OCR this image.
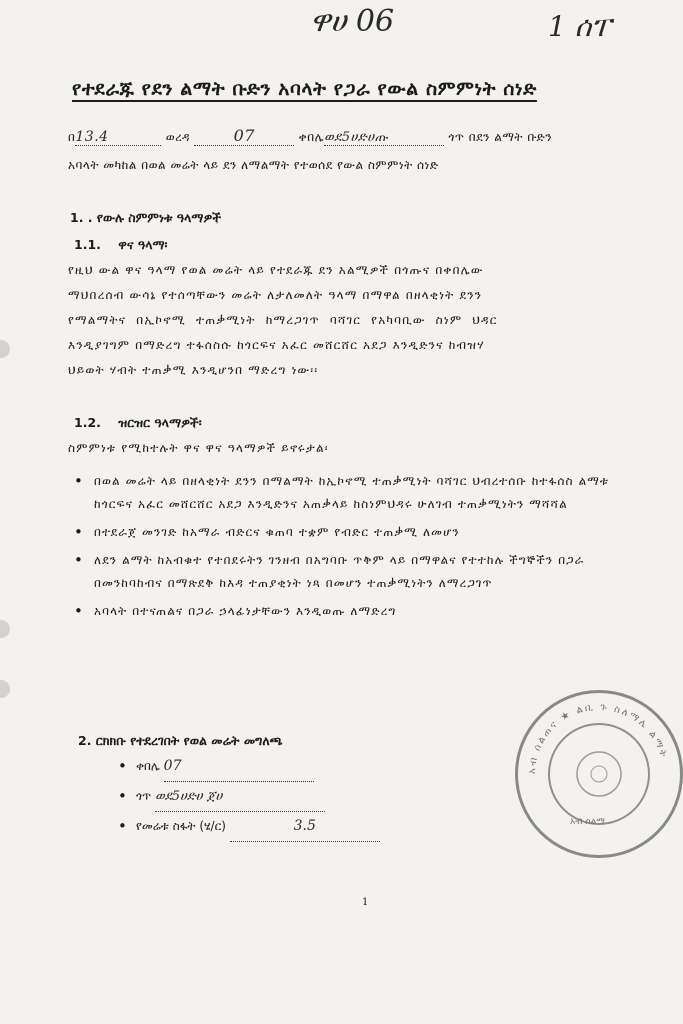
ዋሀ 06	1 ሰፐ
የተደራጁ የደን ልማት ቡድን አባላት የጋራ የውል ስምምነት ሰነድ
በ13.4	ወረዳ	07	ቀበሌወደ5ሀድሀጡ	ጎጥ በደን ልማት ቡድን
አባላት መካከል በወል መሬት ላይ ደን ለማልማት የተወሰደ የውል ስምምነት ሰነድ
1. . የውሉ ስምምነቱ ዓላማዎች
1.1.    ዋና ዓላማ፡
የዚህ ውል ዋና ዓላማ የወል መሬት ላይ የተደራጁ ደን አልሚዎች በጎጡና በቀበሌው
ማህበረሰብ ውሳኔ የተሰጣቸውን መሬት ለታለመለት ዓላማ በማዋል በዘላቂነት ደንን
የማልማትና  በኢኮኖሚ  ተጠቃሚነት  ከማረጋገጥ  ባሻገር  የአካባቢው  ስነም  ህዳር
እንዲያገግም በማድረግ ተፋሰስሱ ከጎርፍና አፈር መሸርሸር አደጋ እንዲድንና ከብዝሃ
ህይወት ሃብት ተጠቃሚ እንዲሆንበ ማድረግ ነው፡፡
1.2.    ዝርዝር ዓላማዎች፡
ስምምነቱ የሚከተሉት ዋና ዋና ዓላማዎች ይኖሩታል፡
• በወል መሬት ላይ በዘላቂነት ደንን በማልማት ከኢኮኖሚ ተጠቃሚነት ባሻገር ህብረተሰቡ ከተፋሰስ ልማቱ ከጎርፍና አፈር መሸርሸር አደጋ እንዲድንና አጠቃላይ ከስነምህዳሩ ሁለገብ ተጠቃሚነትን ማሻሻል
• በተደራጀ መንገድ ከአማራ ብድርና ቁጠባ ተቋም የብድር ተጠቃሚ ለመሆን
• ለደን ልማት ከአብቁተ የተበደሩትን ገንዘብ በአግባቡ ጥቅም ላይ በማዋልና የተተከሉ ችግኞችን በጋራ በመንከባከብና በማጽደቅ ከእዳ ተጠያቂነት ነጻ በመሆን ተጠቃሚነትን ለማረጋገጥ
• አባላት በተናጠልና በጋራ ኃላፊነታቸውን እንዲወጡ ለማድረግ
2. ርክክቡ የተደረገበት የወል መሬት መግለጫ
• ቀበሌ 07
• ጎጥ ወደ5ሀድሀ ጀሀ
• የመሬቱ ስፋት (ሄ/ር)	3.5
አብ ሰልጠና ★ ልቢ ጉ ስለማሌ ልማት
አብ ስልማ
1
